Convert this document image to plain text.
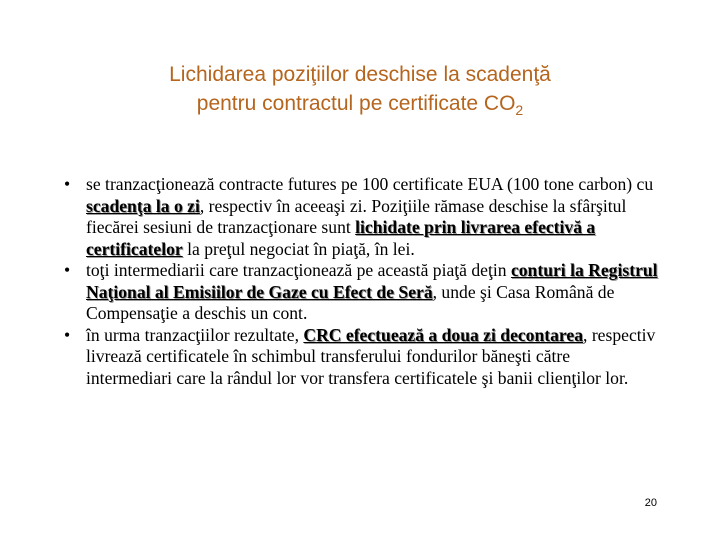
Lichidarea poziţiilor deschise la scadenţă
pentru contractul pe certificate $CO_2$
• se tranzacţionează contracte futures pe 100 certificate EUA (100 tone carbon) cu scadenţa la o zi, respectiv în aceeaşi zi. Poziţiile rămase deschise la sfârşitul fiecărei sesiuni de tranzacţionare sunt lichidate prin livrarea efectivă a certificatelor la preţul negociat în piaţă, în lei.
• toţi intermediarii care tranzacţionează pe această piaţă deţin conturi la Registrul Naţional al Emisiilor de Gaze cu Efect de Seră, unde şi Casa Română de Compensaţie a deschis un cont.
• în urma tranzacţiilor rezultate, CRC efectuează a doua zi decontarea, respectiv livrează certificatele în schimbul transferului fondurilor băneşti către intermediari care la rândul lor vor transfera certificatele şi banii clienţilor lor.
20
